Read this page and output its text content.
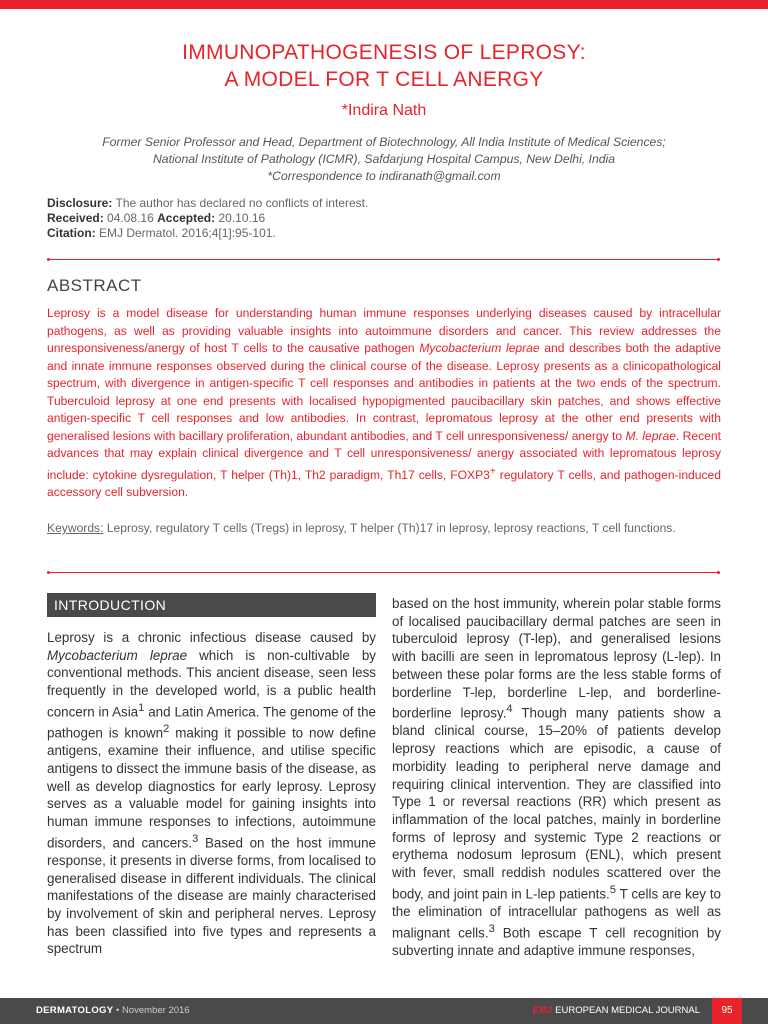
IMMUNOPATHOGENESIS OF LEPROSY:
A MODEL FOR T CELL ANERGY
*Indira Nath
Former Senior Professor and Head, Department of Biotechnology, All India Institute of Medical Sciences;
National Institute of Pathology (ICMR), Safdarjung Hospital Campus, New Delhi, India
*Correspondence to indiranath@gmail.com
Disclosure: The author has declared no conflicts of interest.
Received: 04.08.16 Accepted: 20.10.16
Citation: EMJ Dermatol. 2016;4[1]:95-101.
ABSTRACT

Leprosy is a model disease for understanding human immune responses underlying diseases caused by intracellular pathogens, as well as providing valuable insights into autoimmune disorders and cancer. This review addresses the unresponsiveness/anergy of host T cells to the causative pathogen Mycobacterium leprae and describes both the adaptive and innate immune responses observed during the clinical course of the disease. Leprosy presents as a clinicopathological spectrum, with divergence in antigen-specific T cell responses and antibodies in patients at the two ends of the spectrum. Tuberculoid leprosy at one end presents with localised hypopigmented paucibacillary skin patches, and shows effective antigen-specific T cell responses and low antibodies. In contrast, lepromatous leprosy at the other end presents with generalised lesions with bacillary proliferation, abundant antibodies, and T cell unresponsiveness/ anergy to M. leprae. Recent advances that may explain clinical divergence and T cell unresponsiveness/ anergy associated with lepromatous leprosy include: cytokine dysregulation, T helper (Th)1, Th2 paradigm, Th17 cells, FOXP3+ regulatory T cells, and pathogen-induced accessory cell subversion.

Keywords: Leprosy, regulatory T cells (Tregs) in leprosy, T helper (Th)17 in leprosy, leprosy reactions, T cell functions.

INTRODUCTION

Leprosy is a chronic infectious disease caused by Mycobacterium leprae which is non-cultivable by conventional methods. This ancient disease, seen less frequently in the developed world, is a public health concern in Asia$^1$ and Latin America. The genome of the pathogen is known$^2$ making it possible to now define antigens, examine their influence, and utilise specific antigens to dissect the immune basis of the disease, as well as develop diagnostics for early leprosy. Leprosy serves as a valuable model for gaining insights into human immune responses to infections, autoimmune disorders, and cancers.$^3$ Based on the host immune response, it presents in diverse forms, from localised to generalised disease in different individuals. The clinical manifestations of the disease are mainly characterised by involvement of skin and peripheral nerves. Leprosy has been classified into five types and represents a spectrum

based on the host immunity, wherein polar stable forms of localised paucibacillary dermal patches are seen in tuberculoid leprosy (T-lep), and generalised lesions with bacilli are seen in lepromatous leprosy (L-lep). In between these polar forms are the less stable forms of borderline T-lep, borderline L-lep, and borderline-borderline leprosy.$^4$ Though many patients show a bland clinical course, 15–20% of patients develop leprosy reactions which are episodic, a cause of morbidity leading to peripheral nerve damage and requiring clinical intervention. They are classified into Type 1 or reversal reactions (RR) which present as inflammation of the local patches, mainly in borderline forms of leprosy and systemic Type 2 reactions or erythema nodosum leprosum (ENL), which present with fever, small reddish nodules scattered over the body, and joint pain in L-lep patients.$^5$ T cells are key to the elimination of intracellular pathogens as well as malignant cells.$^3$ Both escape T cell recognition by subverting innate and adaptive immune responses,

DERMATOLOGY • November 2016	EMJ EUROPEAN MEDICAL JOURNAL	95
